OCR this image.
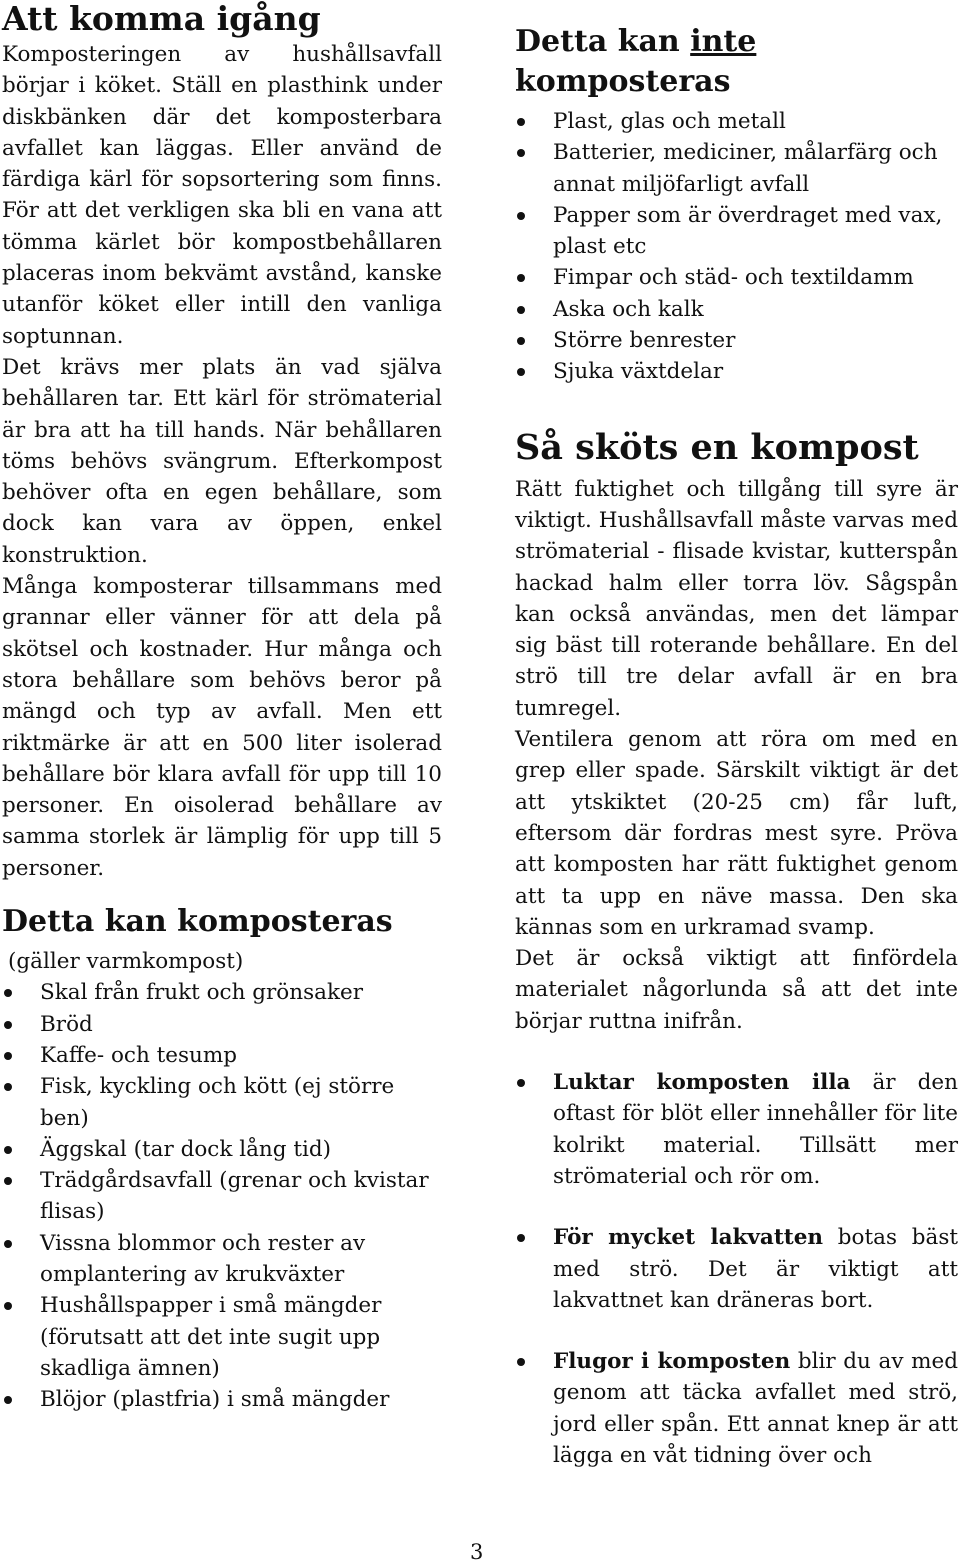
Att komma igång

Komposteringen av hushållsavfall börjar i köket. Ställ en plasthink under diskbänken där det komposterbara avfallet kan läggas. Eller använd de färdiga kärl för sopsortering som finns. För att det verkligen ska bli en vana att tömma kärlet bör kompostbehållaren placeras inom bekvämt avstånd, kanske utanför köket eller intill den vanliga soptunnan.

Det krävs mer plats än vad själva behållaren tar. Ett kärl för strömaterial är bra att ha till hands. När behållaren töms behövs svängrum. Efterkompost behöver ofta en egen behållare, som dock kan vara av öppen, enkel konstruktion.

Många komposterar tillsammans med grannar eller vänner för att dela på skötsel och kostnader. Hur många och stora behållare som behövs beror på mängd och typ av avfall. Men ett riktmärke är att en 500 liter isolerad behållare bör klara avfall för upp till 10 personer. En oisolerad behållare av samma storlek är lämplig för upp till 5 personer.

Detta kan komposteras

(gäller varmkompost)

Skal från frukt och grönsaker
Bröd
Kaffe- och tesump
Fisk, kyckling och kött (ej större ben)
Äggskal (tar dock lång tid)
Trädgårdsavfall (grenar och kvistar flisas)
Vissna blommor och rester av omplantering av krukväxter
Hushållspapper i små mängder (förutsatt att det inte sugit upp skadliga ämnen)
Blöjor (plastfria) i små mängder
Detta kan inte komposteras
Plast, glas och metall
Batterier, mediciner, målarfärg och annat miljöfarligt avfall
Papper som är överdraget med vax, plast etc
Fimpar och städ- och textildamm
Aska och kalk
Större benrester
Sjuka växtdelar
Så sköts en kompost

Rätt fuktighet och tillgång till syre är viktigt. Hushållsavfall måste varvas med strömaterial - flisade kvistar, kutterspån hackad halm eller torra löv. Sågspån kan också användas, men det lämpar sig bäst till roterande behållare. En del strö till tre delar avfall är en bra tumregel.

Ventilera genom att röra om med en grep eller spade. Särskilt viktigt är det att ytskiktet (20-25 cm) får luft, eftersom där fordras mest syre. Pröva att komposten har rätt fuktighet genom att ta upp en näve massa. Den ska kännas som en urkramad svamp.

Det är också viktigt att finfördela materialet någorlunda så att det inte börjar ruttna inifrån.

Luktar komposten illa är den oftast för blöt eller innehåller för lite kolrikt material. Tillsätt mer strömaterial och rör om.
För mycket lakvatten botas bäst med strö. Det är viktigt att lakvattnet kan dräneras bort.
Flugor i komposten blir du av med genom att täcka avfallet med strö, jord eller spån. Ett annat knep är att lägga en våt tidning över och
3
